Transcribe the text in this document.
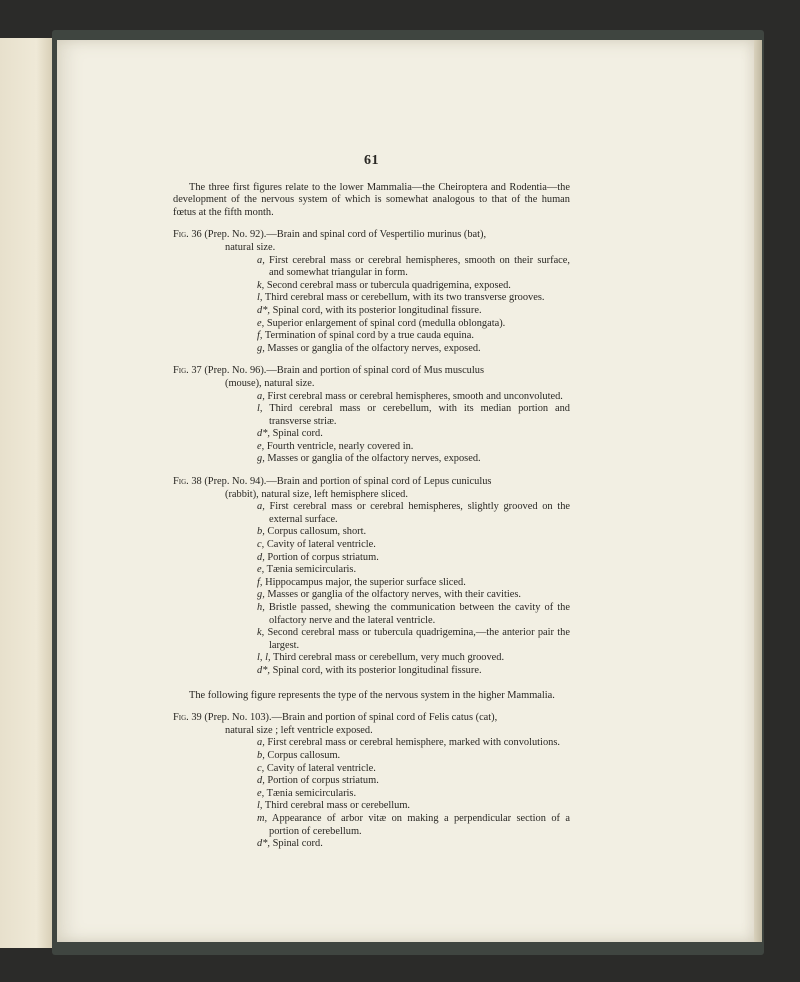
61

The three first figures relate to the lower Mammalia—the Cheiroptera and Rodentia—the development of the nervous system of which is somewhat analogous to that of the human fœtus at the fifth month.

Fig. 36 (Prep. No. 92).—Brain and spinal cord of Vespertilio murinus (bat),
natural size.

a, First cerebral mass or cerebral hemispheres, smooth on their surface, and somewhat triangular in form.
k, Second cerebral mass or tubercula quadrigemina, exposed.
l, Third cerebral mass or cerebellum, with its two transverse grooves.
d*, Spinal cord, with its posterior longitudinal fissure.
e, Superior enlargement of spinal cord (medulla oblongata).
f, Termination of spinal cord by a true cauda equina.
g, Masses or ganglia of the olfactory nerves, exposed.

Fig. 37 (Prep. No. 96).—Brain and portion of spinal cord of Mus musculus
(mouse), natural size.

a, First cerebral mass or cerebral hemispheres, smooth and unconvoluted.
l, Third cerebral mass or cerebellum, with its median portion and transverse striæ.
d*, Spinal cord.
e, Fourth ventricle, nearly covered in.
g, Masses or ganglia of the olfactory nerves, exposed.

Fig. 38 (Prep. No. 94).—Brain and portion of spinal cord of Lepus cuniculus
(rabbit), natural size, left hemisphere sliced.

a, First cerebral mass or cerebral hemispheres, slightly grooved on the external surface.
b, Corpus callosum, short.
c, Cavity of lateral ventricle.
d, Portion of corpus striatum.
e, Tænia semicircularis.
f, Hippocampus major, the superior surface sliced.
g, Masses or ganglia of the olfactory nerves, with their cavities.
h, Bristle passed, shewing the communication between the cavity of the olfactory nerve and the lateral ventricle.
k, Second cerebral mass or tubercula quadrigemina,—the anterior pair the largest.
l, l, Third cerebral mass or cerebellum, very much grooved.
d*, Spinal cord, with its posterior longitudinal fissure.

The following figure represents the type of the nervous system in the higher Mammalia.

Fig. 39 (Prep. No. 103).—Brain and portion of spinal cord of Felis catus (cat),
natural size ; left ventricle exposed.

a, First cerebral mass or cerebral hemisphere, marked with convolutions.
b, Corpus callosum.
c, Cavity of lateral ventricle.
d, Portion of corpus striatum.
e, Tænia semicircularis.
l, Third cerebral mass or cerebellum.
m, Appearance of arbor vitæ on making a perpendicular section of a portion of cerebellum.
d*, Spinal cord.
